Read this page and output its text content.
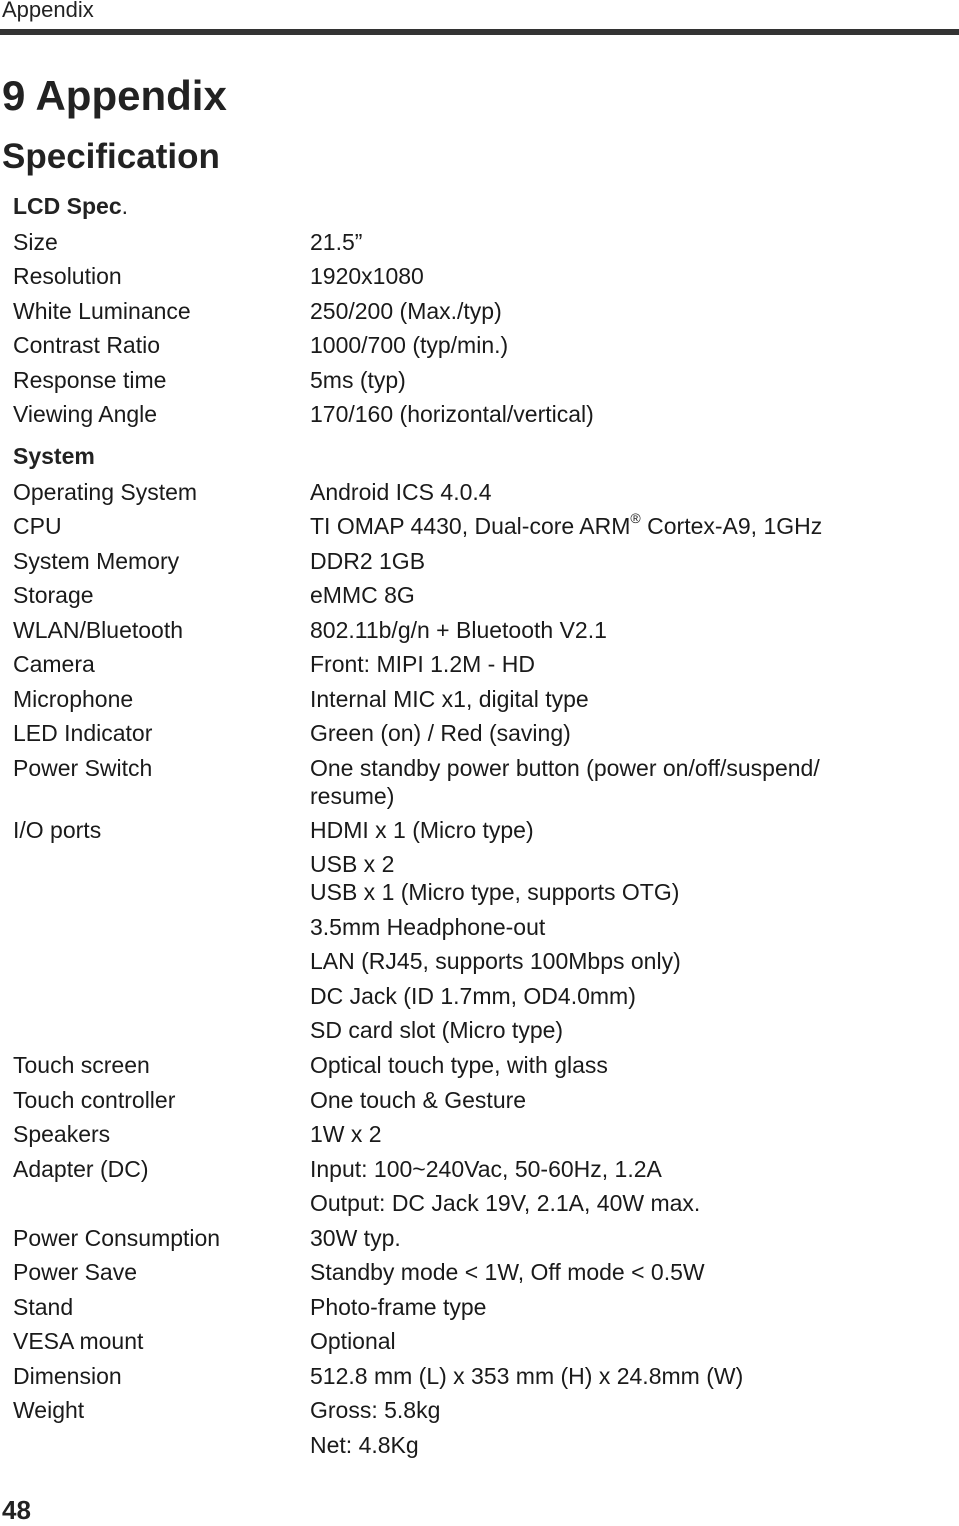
Appendix
9 Appendix
Specification
LCD Spec.
Size	21.5”
Resolution	1920x1080
White Luminance	250/200 (Max./typ)
Contrast Ratio	1000/700 (typ/min.)
Response time	5ms (typ)
Viewing Angle	170/160 (horizontal/vertical)
System
Operating System	Android ICS 4.0.4
CPU	TI OMAP 4430, Dual-core ARM® Cortex-A9, 1GHz
System Memory	DDR2 1GB
Storage	eMMC 8G
WLAN/Bluetooth	802.11b/g/n + Bluetooth V2.1
Camera	Front: MIPI 1.2M - HD
Microphone	Internal MIC x1, digital type
LED Indicator	Green (on) / Red (saving)
Power Switch	One standby power button (power on/off/suspend/ resume)
I/O ports	HDMI x 1 (Micro type)
USB x 2
USB x 1 (Micro type, supports OTG)
3.5mm Headphone-out
LAN (RJ45, supports 100Mbps only)
DC Jack (ID 1.7mm, OD4.0mm)
SD card slot (Micro type)
Touch screen	Optical touch type, with glass
Touch controller	One touch & Gesture
Speakers	1W x 2
Adapter (DC)	Input: 100~240Vac, 50-60Hz, 1.2A
Output: DC Jack 19V, 2.1A, 40W max.
Power Consumption	30W typ.
Power Save	Standby mode < 1W, Off mode < 0.5W
Stand	Photo-frame type
VESA mount	Optional
Dimension	512.8 mm (L) x 353 mm (H) x 24.8mm (W)
Weight	Gross: 5.8kg
Net: 4.8Kg
48
